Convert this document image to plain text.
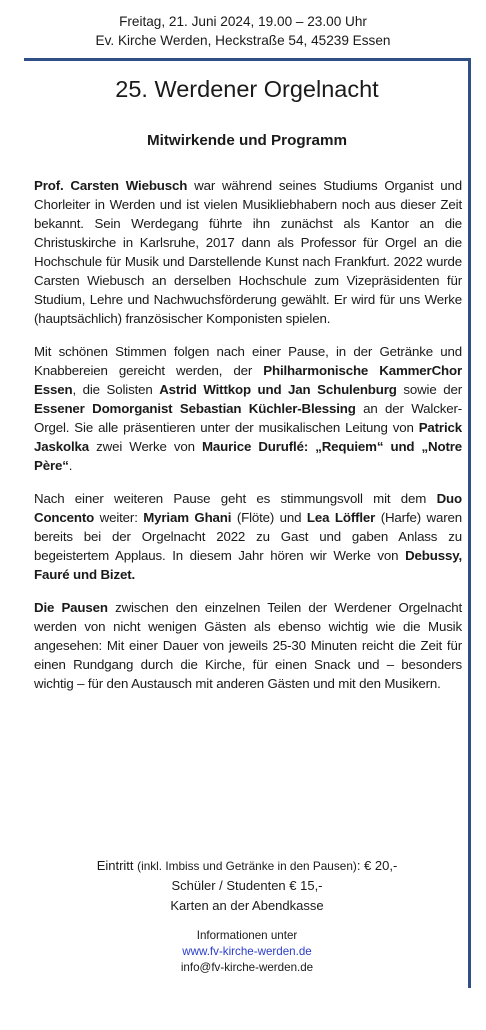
Freitag, 21. Juni 2024, 19.00 – 23.00 Uhr
Ev. Kirche Werden, Heckstraße 54, 45239 Essen
25. Werdener Orgelnacht
Mitwirkende und Programm

Prof. Carsten Wiebusch war während seines Studiums Organist und Chorleiter in Werden und ist vielen Musikliebhabern noch aus dieser Zeit bekannt. Sein Werdegang führte ihn zunächst als Kantor an die Christuskirche in Karlsruhe, 2017 dann als Professor für Orgel an die Hochschule für Musik und Darstellende Kunst nach Frankfurt. 2022 wurde Carsten Wiebusch an derselben Hochschule zum Vizepräsidenten für Studium, Lehre und Nachwuchsförderung gewählt. Er wird für uns Werke (hauptsächlich) französischer Komponisten spielen.

Mit schönen Stimmen folgen nach einer Pause, in der Getränke und Knabbereien gereicht werden, der Philharmonische KammerChor Essen, die Solisten Astrid Wittkop und Jan Schulenburg sowie der Essener Domorganist Sebastian Küchler-Blessing an der Walcker-Orgel. Sie alle präsentieren unter der musikalischen Leitung von Patrick Jaskolka zwei Werke von Maurice Duruflé: „Requiem“ und „Notre Père“.

Nach einer weiteren Pause geht es stimmungsvoll mit dem Duo Concento weiter: Myriam Ghani (Flöte) und Lea Löffler (Harfe) waren bereits bei der Orgelnacht 2022 zu Gast und gaben Anlass zu begeistertem Applaus. In diesem Jahr hören wir Werke von Debussy, Fauré und Bizet.

Die Pausen zwischen den einzelnen Teilen der Werdener Orgelnacht werden von nicht wenigen Gästen als ebenso wichtig wie die Musik angesehen: Mit einer Dauer von jeweils 25-30 Minuten reicht die Zeit für einen Rundgang durch die Kirche, für einen Snack und – besonders wichtig – für den Austausch mit anderen Gästen und mit den Musikern.

Eintritt (inkl. Imbiss und Getränke in den Pausen): € 20,-
Schüler / Studenten € 15,-
Karten an der Abendkasse
Informationen unter
www.fv-kirche-werden.de
info@fv-kirche-werden.de
